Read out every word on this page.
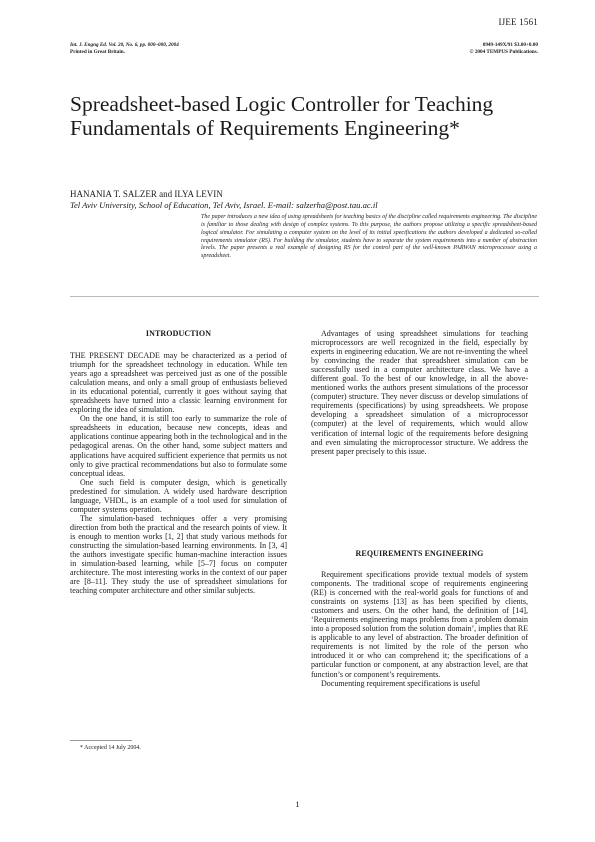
IJEE 1561
Int. J. Engng Ed. Vol. 20, No. 6, pp. 000–000, 2004
Printed in Great Britain.
0949-149X/91 $3.00+0.00
© 2004 TEMPUS Publications.
Spreadsheet-based Logic Controller for Teaching Fundamentals of Requirements Engineering*
HANANIA T. SALZER and ILYA LEVIN
Tel Aviv University, School of Education, Tel Aviv, Israel. E-mail: salzerha@post.tau.ac.il
The paper introduces a new idea of using spreadsheets for teaching basics of the discipline called requirements engineering. The discipline is familiar to those dealing with design of complex systems. To this purpose, the authors propose utilizing a specific spreadsheet-based logical simulator. For simulating a computer system on the level of its initial specifications the authors developed a dedicated so-called requirements simulator (RS). For building the simulator, students have to separate the system requirements into a number of abstraction levels. The paper presents a real example of designing RS for the control part of the well-known PARWAN microprocessor using a spreadsheet.
INTRODUCTION

THE PRESENT DECADE may be characterized as a period of triumph for the spreadsheet technology in education. While ten years ago a spreadsheet was perceived just as one of the possible calculation means, and only a small group of enthusiasts believed in its educational potential, currently it goes without saying that spreadsheets have turned into a classic learning environment for exploring the idea of simulation.

On the one hand, it is still too early to summarize the role of spreadsheets in education, because new concepts, ideas and applications continue appearing both in the technological and in the pedagogical arenas. On the other hand, some subject matters and applications have acquired sufficient experience that permits us not only to give practical recommendations but also to formulate some conceptual ideas.

One such field is computer design, which is genetically predestined for simulation. A widely used hardware description language, VHDL, is an example of a tool used for simulation of computer systems operation.

The simulation-based techniques offer a very promising direction from both the practical and the research points of view. It is enough to mention works [1, 2] that study various methods for constructing the simulation-based learning environments. In [3, 4] the authors investigate specific human-machine interaction issues in simulation-based learning, while [5–7] focus on computer architecture. The most interesting works in the context of our paper are [8–11]. They study the use of spreadsheet simulations for teaching computer architecture and other similar subjects.

Advantages of using spreadsheet simulations for teaching microprocessors are well recognized in the field, especially by experts in engineering education. We are not re-inventing the wheel by convincing the reader that spreadsheet simulation can be successfully used in a computer architecture class. We have a different goal. To the best of our knowledge, in all the above-mentioned works the authors present simulations of the processor (computer) structure. They never discuss or develop simulations of requirements (specifications) by using spreadsheets. We propose developing a spreadsheet simulation of a microprocessor (computer) at the level of requirements, which would allow verification of internal logic of the requirements before designing and even simulating the microprocessor structure. We address the present paper precisely to this issue.

REQUIREMENTS ENGINEERING

Requirement specifications provide textual models of system components. The traditional scope of requirements engineering (RE) is concerned with the real-world goals for functions of and constraints on systems [13] as has been specified by clients, customers and users. On the other hand, the definition of [14], ‘Requirements engineering maps problems from a problem domain into a proposed solution from the solution domain’, implies that RE is applicable to any level of abstraction. The broader definition of requirements is not limited by the role of the person who introduced it or who can comprehend it; the specifications of a particular function or component, at any abstraction level, are that function’s or component’s requirements.

Documenting requirement specifications is useful

* Accepted 14 July 2004.
1
